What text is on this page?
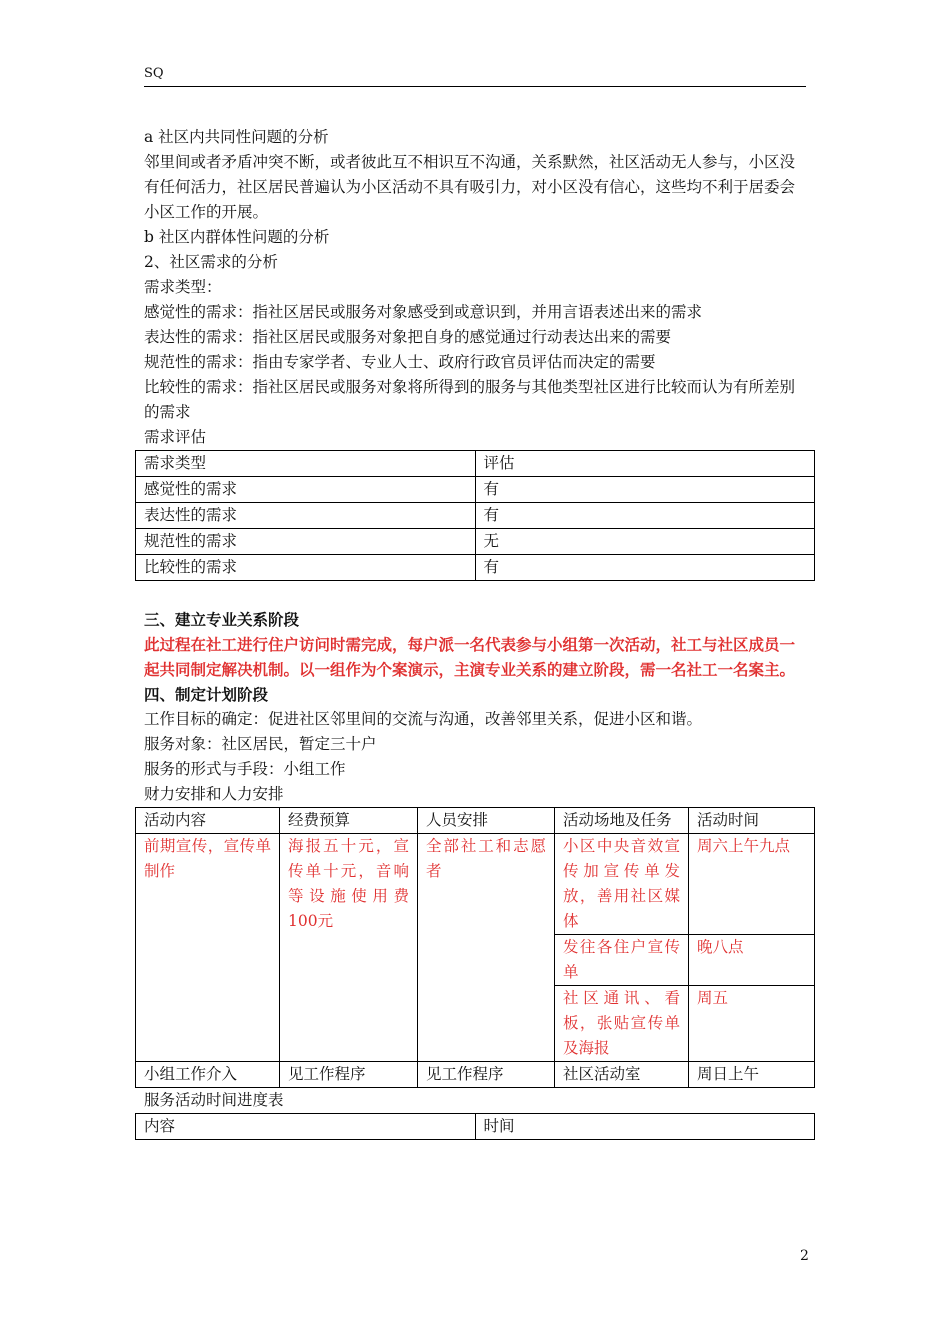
SQ

a 社区内共同性问题的分析

邻里间或者矛盾冲突不断，或者彼此互不相识互不沟通，关系默然，社区活动无人参与，小区没有任何活力，社区居民普遍认为小区活动不具有吸引力，对小区没有信心，这些均不利于居委会小区工作的开展。

b 社区内群体性问题的分析

2、社区需求的分析

需求类型：

感觉性的需求：指社区居民或服务对象感受到或意识到，并用言语表述出来的需求

表达性的需求：指社区居民或服务对象把自身的感觉通过行动表达出来的需要

规范性的需求：指由专家学者、专业人士、政府行政官员评估而决定的需要

比较性的需求：指社区居民或服务对象将所得到的服务与其他类型社区进行比较而认为有所差别的需求

需求评估

需求类型	评估
感觉性的需求	有
表达性的需求	有
规范性的需求	无
比较性的需求	有

三、建立专业关系阶段

此过程在社工进行住户访问时需完成，每户派一名代表参与小组第一次活动，社工与社区成员一起共同制定解决机制。以一组作为个案演示，主演专业关系的建立阶段，需一名社工一名案主。

四、制定计划阶段

工作目标的确定：促进社区邻里间的交流与沟通，改善邻里关系，促进小区和谐。

服务对象：社区居民，暂定三十户

服务的形式与手段：小组工作

财力安排和人力安排

活动内容	经费预算	人员安排	活动场地及任务	活动时间
前期宣传，宣传单制作	海报五十元，宣传单十元，音响等设施使用费100元	全部社工和志愿者	小区中央音效宣传加宣传单发放，善用社区媒体	周六上午九点
			发往各住户宣传单	晚八点
			社区通讯、看板，张贴宣传单及海报	周五
小组工作介入	见工作程序	见工作程序	社区活动室	周日上午

服务活动时间进度表

内容	时间
2
